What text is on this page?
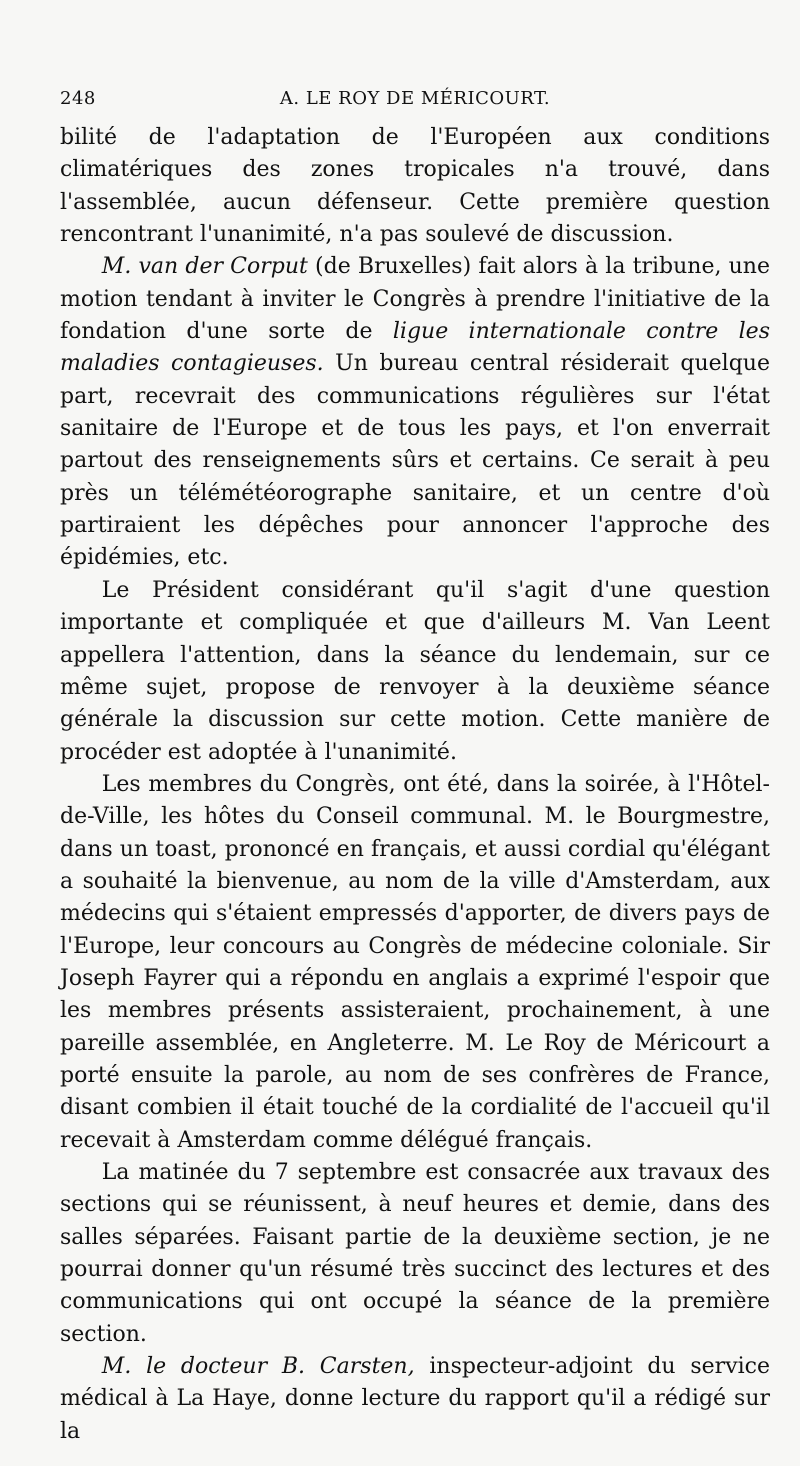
248	A. LE ROY DE MÉRICOURT.

bilité de l'adaptation de l'Européen aux conditions climatériques des zones tropicales n'a trouvé, dans l'assemblée, aucun défenseur. Cette première question rencontrant l'unanimité, n'a pas soulevé de discussion.

M. van der Corput (de Bruxelles) fait alors à la tribune, une motion tendant à inviter le Congrès à prendre l'initiative de la fondation d'une sorte de ligue internationale contre les maladies contagieuses. Un bureau central résiderait quelque part, recevrait des communications régulières sur l'état sanitaire de l'Europe et de tous les pays, et l'on enverrait partout des renseignements sûrs et certains. Ce serait à peu près un télémétéorographe sanitaire, et un centre d'où partiraient les dépêches pour annoncer l'approche des épidémies, etc.

Le Président considérant qu'il s'agit d'une question importante et compliquée et que d'ailleurs M. Van Leent appellera l'attention, dans la séance du lendemain, sur ce même sujet, propose de renvoyer à la deuxième séance générale la discussion sur cette motion. Cette manière de procéder est adoptée à l'unanimité.

Les membres du Congrès, ont été, dans la soirée, à l'Hôtel-de-Ville, les hôtes du Conseil communal. M. le Bourgmestre, dans un toast, prononcé en français, et aussi cordial qu'élégant a souhaité la bienvenue, au nom de la ville d'Amsterdam, aux médecins qui s'étaient empressés d'apporter, de divers pays de l'Europe, leur concours au Congrès de médecine coloniale. Sir Joseph Fayrer qui a répondu en anglais a exprimé l'espoir que les membres présents assisteraient, prochainement, à une pareille assemblée, en Angleterre. M. Le Roy de Méricourt a porté ensuite la parole, au nom de ses confrères de France, disant combien il était touché de la cordialité de l'accueil qu'il recevait à Amsterdam comme délégué français.

La matinée du 7 septembre est consacrée aux travaux des sections qui se réunissent, à neuf heures et demie, dans des salles séparées. Faisant partie de la deuxième section, je ne pourrai donner qu'un résumé très succinct des lectures et des communications qui ont occupé la séance de la première section.

M. le docteur B. Carsten, inspecteur-adjoint du service médical à La Haye, donne lecture du rapport qu'il a rédigé sur la
